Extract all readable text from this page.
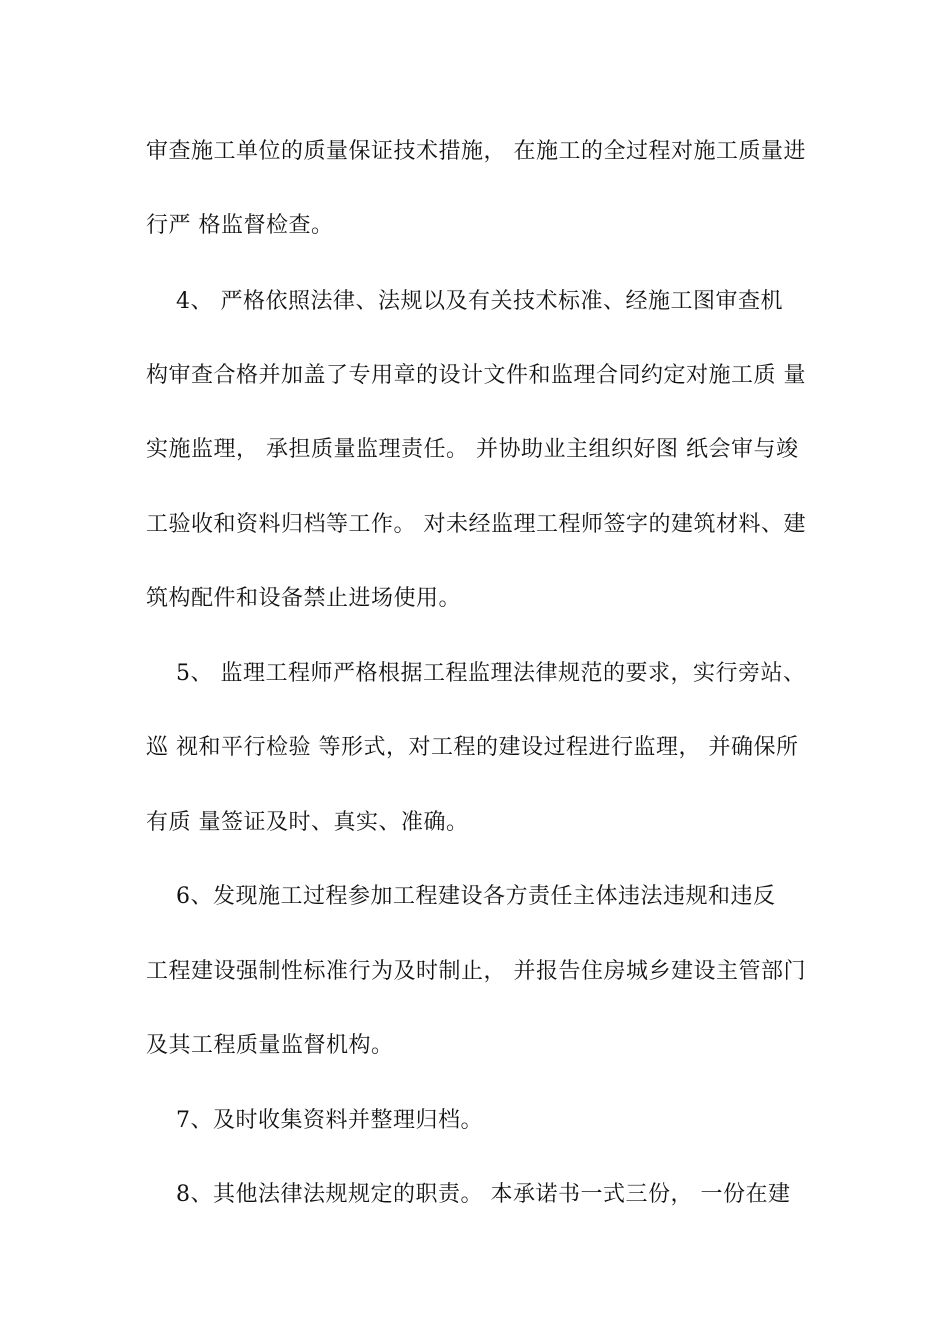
审查施工单位的质量保证技术措施， 在施工的全过程对施工质量进
行严 格监督检查。
4、 严格依照法律、法规以及有关技术标准、经施工图审查机
构审查合格并加盖了专用章的设计文件和监理合同约定对施工质 量
实施监理， 承担质量监理责任。 并协助业主组织好图 纸会审与竣
工验收和资料归档等工作。 对未经监理工程师签字的建筑材料、建
筑构配件和设备禁止进场使用。
5、 监理工程师严格根据工程监理法律规范的要求，实行旁站、
巡 视和平行检验 等形式，对工程的建设过程进行监理， 并确保所
有质 量签证及时、真实、准确。
6、发现施工过程参加工程建设各方责任主体违法违规和违反
工程建设强制性标准行为及时制止， 并报告住房城乡建设主管部门
及其工程质量监督机构。
7、及时收集资料并整理归档。
8、其他法律法规规定的职责。 本承诺书一式三份， 一份在建
